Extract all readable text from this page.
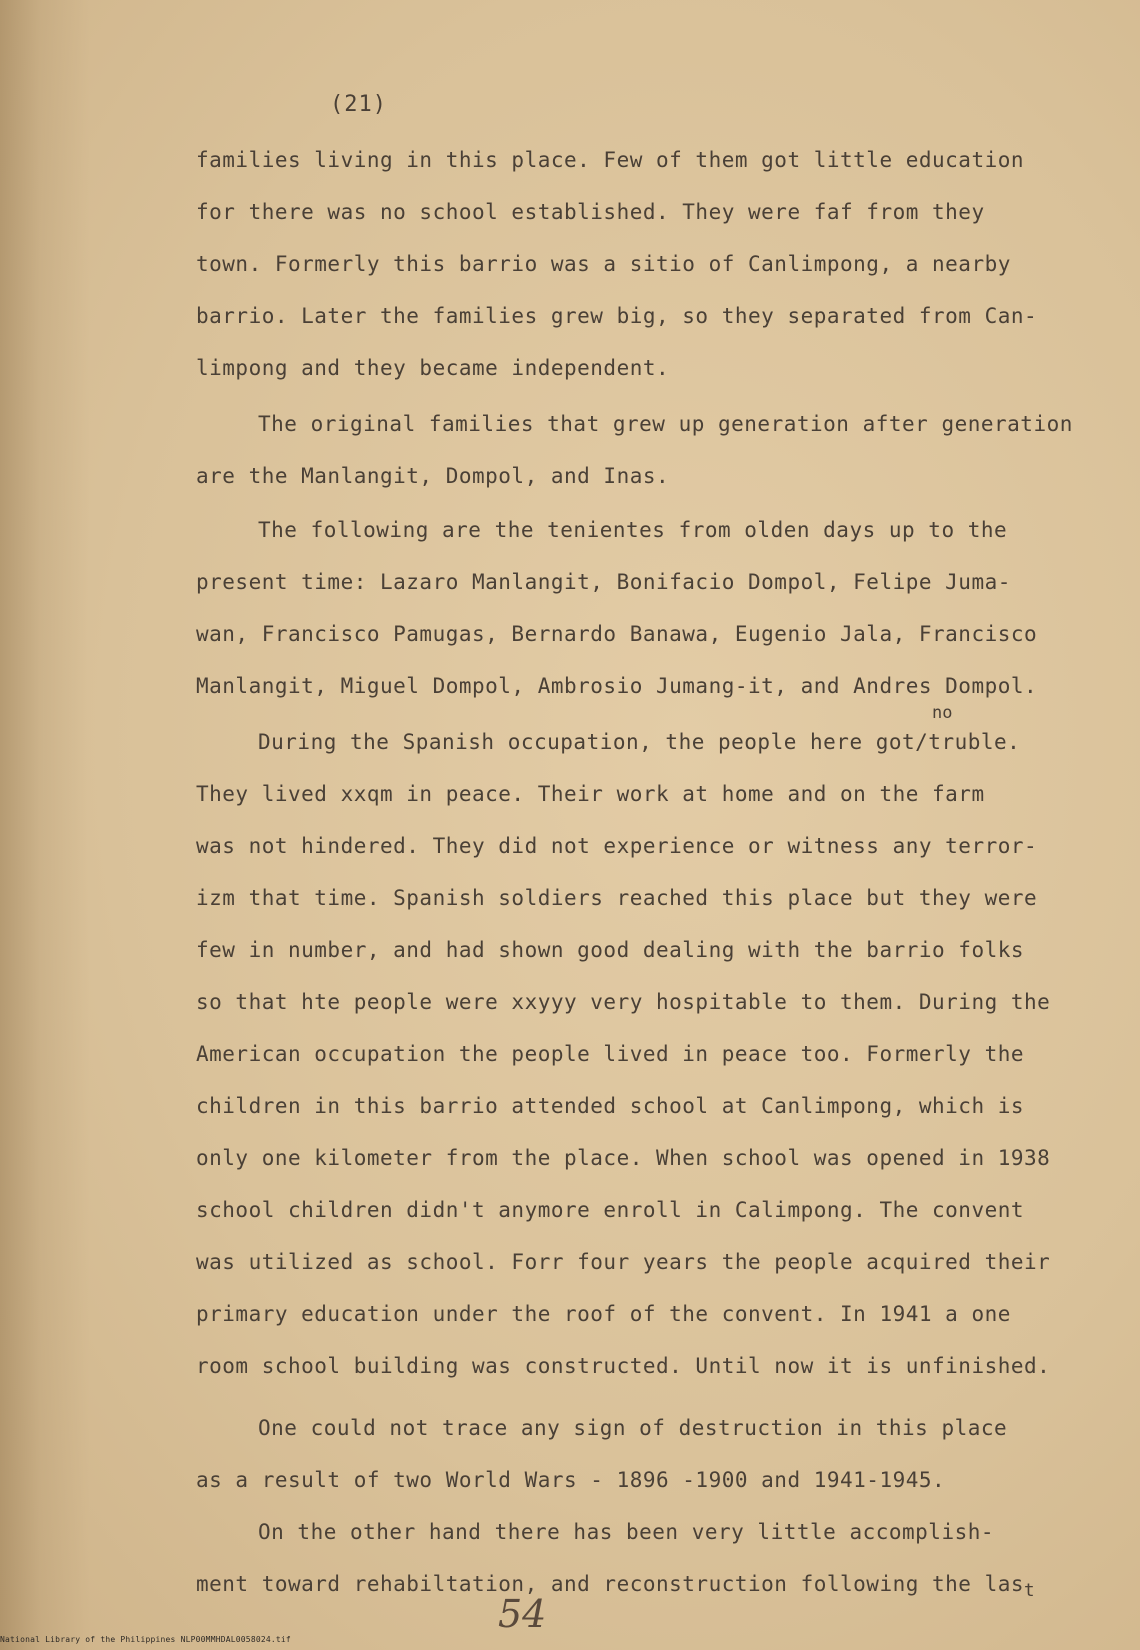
(21)
families living in this place. Few of them got little education
for there was no school established. They were faf from they
town. Formerly this barrio was a sitio of Canlimpong, a nearby
barrio. Later the families grew big, so they separated from Can-
limpong and they became independent.
The original families that grew up generation after generation
are the Manlangit, Dompol, and Inas.
The following are the tenientes from olden days up to the
present time: Lazaro Manlangit, Bonifacio Dompol, Felipe Juma-
wan, Francisco Pamugas, Bernardo Banawa, Eugenio Jala, Francisco
Manlangit, Miguel Dompol, Ambrosio Jumang-it, and Andres Dompol.
no
During the Spanish occupation, the people here got/truble.
They lived xxqm in peace. Their work at home and on the farm
was not hindered. They did not experience or witness any terror-
izm that time. Spanish soldiers reached this place but they were
few in number, and had shown good dealing with the barrio folks
so that hte people were xxyyy very hospitable to them. During the
American occupation the people lived in peace too. Formerly the
children in this barrio attended school at Canlimpong, which is
only one kilometer from the place. When school was opened in 1938
school children didn't anymore enroll in Calimpong. The convent
was utilized as school. Forr four years the people acquired their
primary education under the roof of the convent. In 1941 a one
room school building was constructed. Until now it is unfinished.
One could not trace any sign of destruction in this place
as a result of two World Wars - 1896 -1900 and 1941-1945.
On the other hand there has been very little accomplish-
ment toward rehabiltation, and reconstruction following the las$_t$
National Library of the Philippines NLP00MMHDAL0058024.tif
54
